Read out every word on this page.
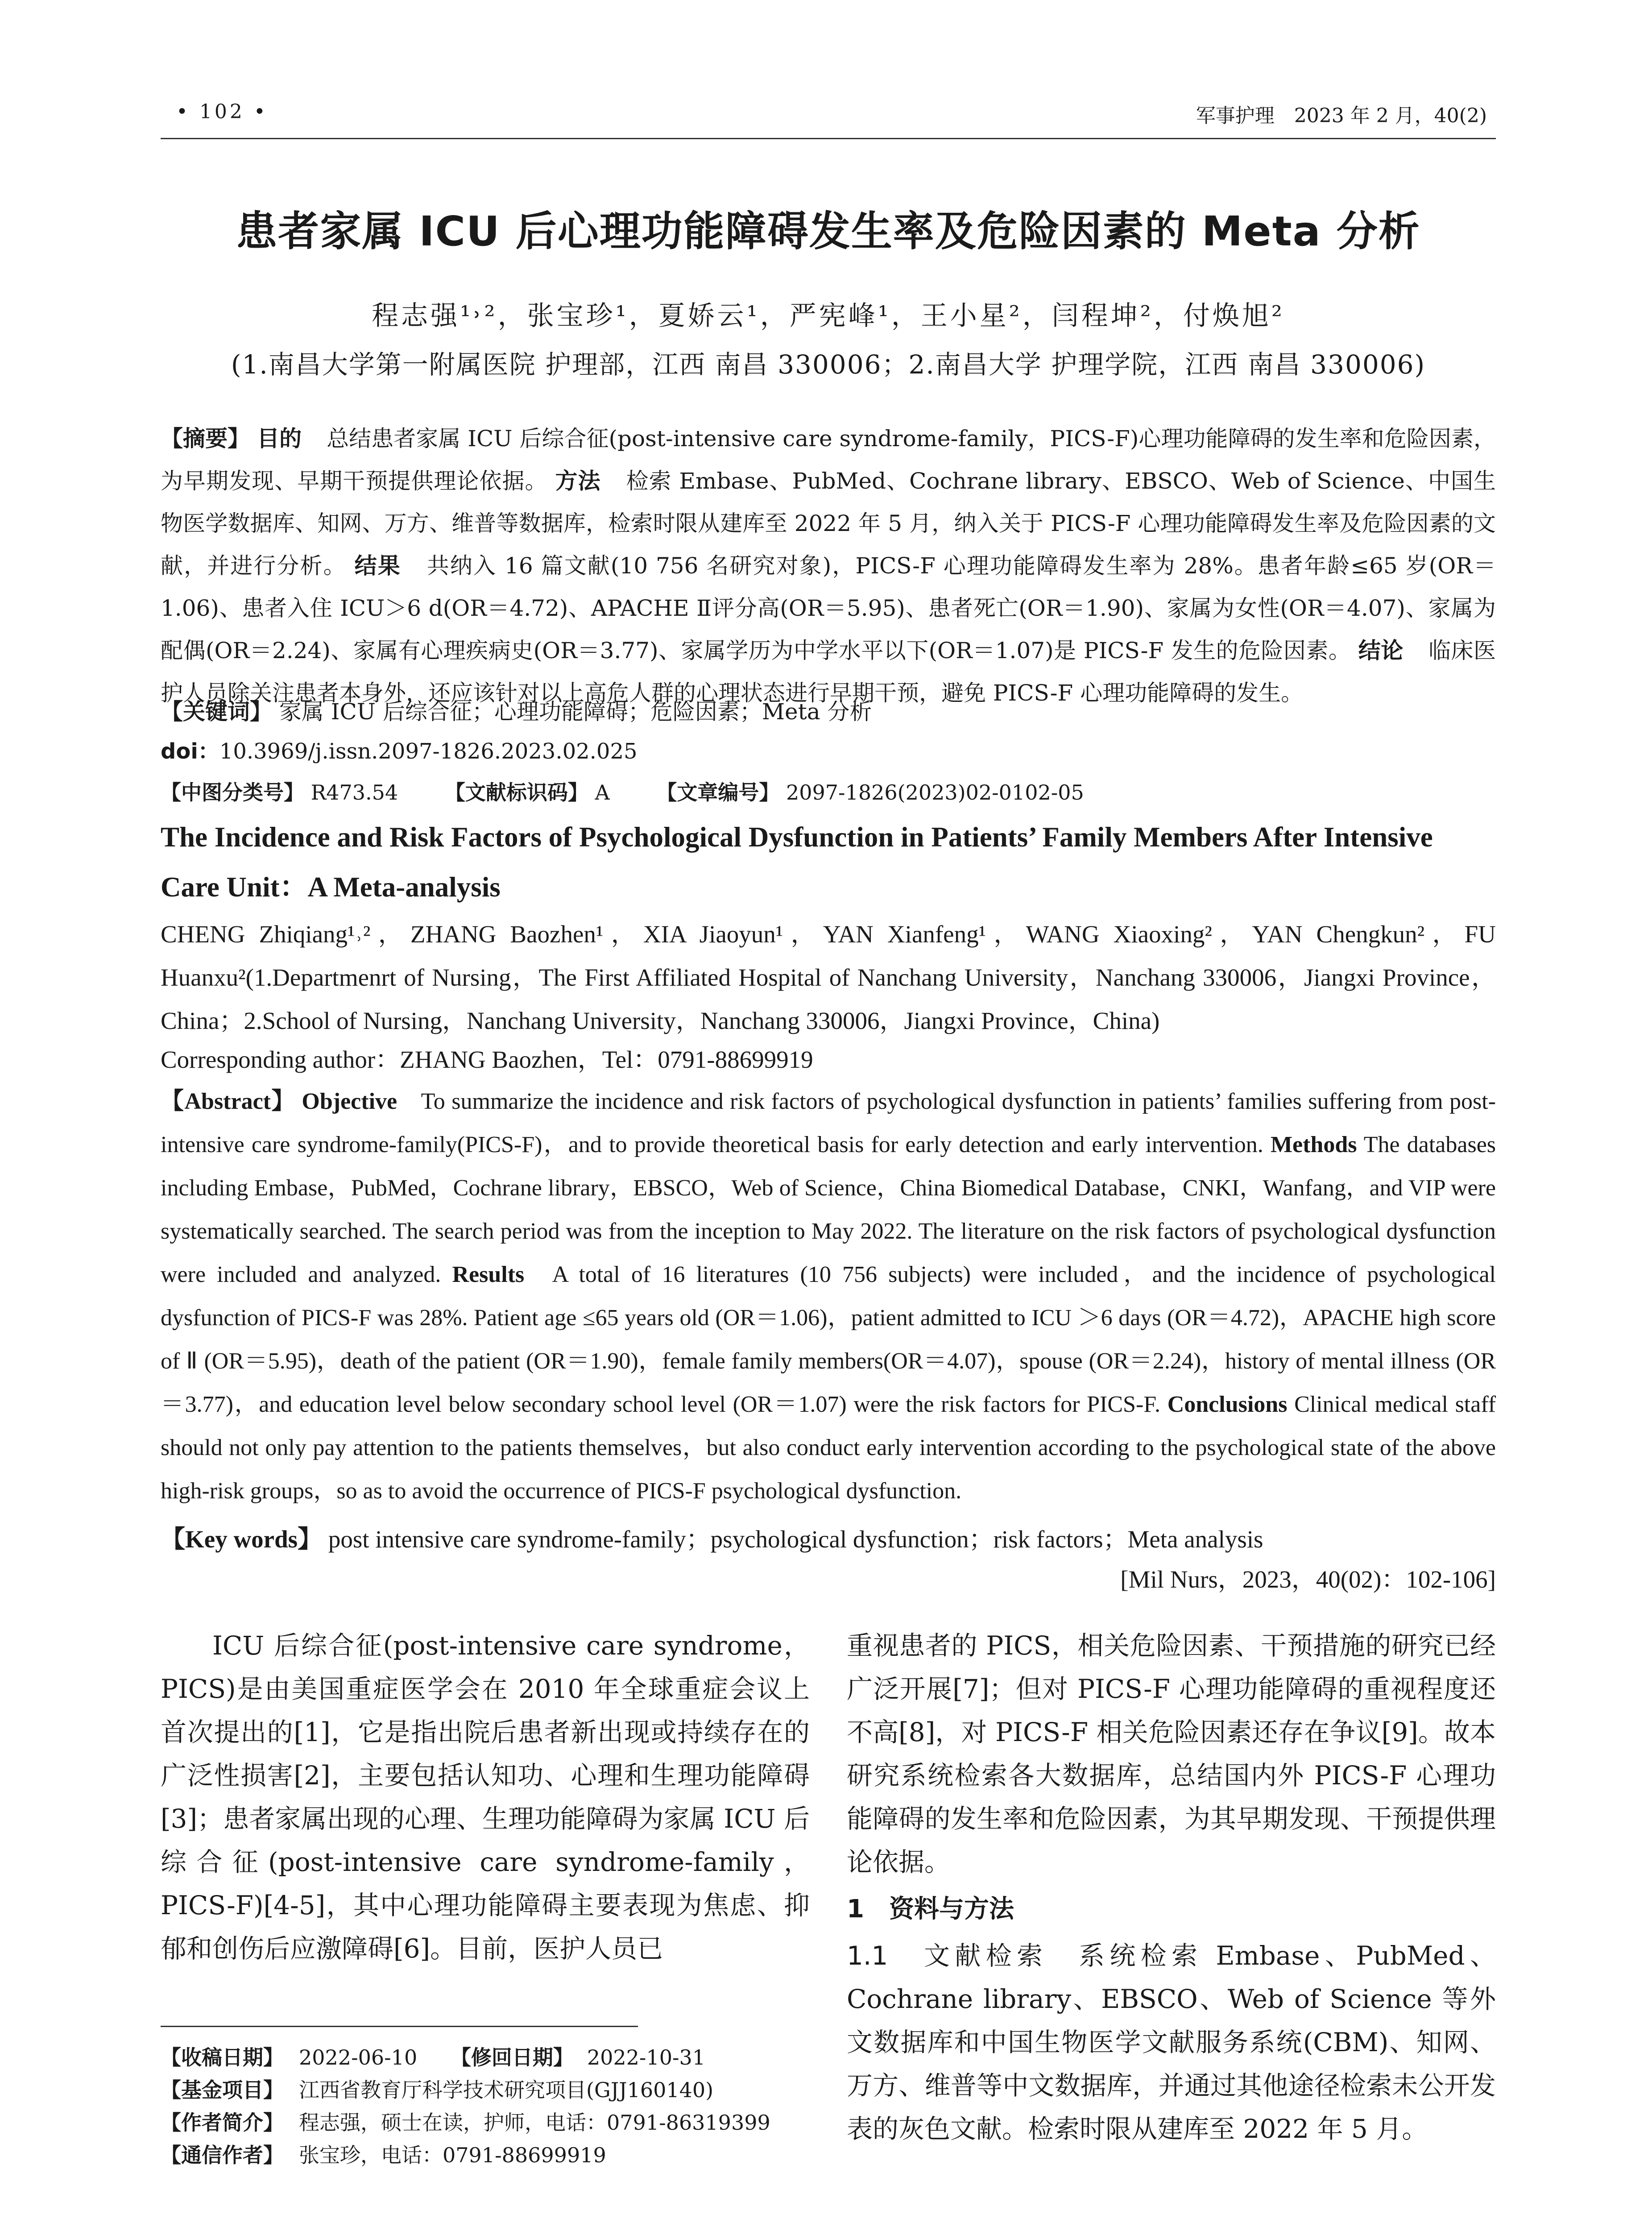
• 102 •	军事护理　2023 年 2 月，40(2)
患者家属 ICU 后心理功能障碍发生率及危险因素的 Meta 分析
程志强¹˒²，张宝珍¹，夏娇云¹，严宪峰¹，王小星²，闫程坤²，付焕旭²
(1.南昌大学第一附属医院 护理部，江西 南昌 330006；2.南昌大学 护理学院，江西 南昌 330006)
【摘要】 目的 总结患者家属 ICU 后综合征(post-intensive care syndrome-family，PICS-F)心理功能障碍的发生率和危险因素，为早期发现、早期干预提供理论依据。 方法 检索 Embase、PubMed、Cochrane library、EBSCO、Web of Science、中国生物医学数据库、知网、万方、维普等数据库，检索时限从建库至 2022 年 5 月，纳入关于 PICS-F 心理功能障碍发生率及危险因素的文献，并进行分析。 结果 共纳入 16 篇文献(10 756 名研究对象)，PICS-F 心理功能障碍发生率为 28%。患者年龄≤65 岁(OR＝1.06)、患者入住 ICU＞6 d(OR＝4.72)、APACHE Ⅱ评分高(OR＝5.95)、患者死亡(OR＝1.90)、家属为女性(OR＝4.07)、家属为配偶(OR＝2.24)、家属有心理疾病史(OR＝3.77)、家属学历为中学水平以下(OR＝1.07)是 PICS-F 发生的危险因素。 结论 临床医护人员除关注患者本身外，还应该针对以上高危人群的心理状态进行早期干预，避免 PICS-F 心理功能障碍的发生。
【关键词】 家属 ICU 后综合征；心理功能障碍；危险因素；Meta 分析
doi：10.3969/j.issn.2097-1826.2023.02.025
【中图分类号】 R473.54 【文献标识码】 A 【文章编号】 2097-1826(2023)02-0102-05
The Incidence and Risk Factors of Psychological Dysfunction in Patients’ Family Members After Intensive Care Unit：A Meta-analysis
CHENG Zhiqiang¹˒²，ZHANG Baozhen¹，XIA Jiaoyun¹，YAN Xianfeng¹，WANG Xiaoxing²，YAN Chengkun²，FU Huanxu²(1.Departmenrt of Nursing，The First Affiliated Hospital of Nanchang University，Nanchang 330006，Jiangxi Province，China；2.School of Nursing，Nanchang University，Nanchang 330006，Jiangxi Province，China)
Corresponding author：ZHANG Baozhen，Tel：0791-88699919
【Abstract】 Objective To summarize the incidence and risk factors of psychological dysfunction in patients’ families suffering from post-intensive care syndrome-family(PICS-F)，and to provide theoretical basis for early detection and early intervention. Methods The databases including Embase，PubMed，Cochrane library，EBSCO，Web of Science，China Biomedical Database，CNKI，Wanfang，and VIP were systematically searched. The search period was from the inception to May 2022. The literature on the risk factors of psychological dysfunction were included and analyzed. Results A total of 16 literatures (10 756 subjects) were included，and the incidence of psychological dysfunction of PICS-F was 28%. Patient age ≤65 years old (OR＝1.06)，patient admitted to ICU ＞6 days (OR＝4.72)，APACHE high score of Ⅱ (OR＝5.95)，death of the patient (OR＝1.90)，female family members(OR＝4.07)，spouse (OR＝2.24)，history of mental illness (OR＝3.77)，and education level below secondary school level (OR＝1.07) were the risk factors for PICS-F. Conclusions Clinical medical staff should not only pay attention to the patients themselves，but also conduct early intervention according to the psychological state of the above high-risk groups，so as to avoid the occurrence of PICS-F psychological dysfunction.
【Key words】 post intensive care syndrome-family；psychological dysfunction；risk factors；Meta analysis
[Mil Nurs，2023，40(02)：102-106]

ICU 后综合征(post-intensive care syndrome，PICS)是由美国重症医学会在 2010 年全球重症会议上首次提出的[1]，它是指出院后患者新出现或持续存在的广泛性损害[2]，主要包括认知功、心理和生理功能障碍[3]；患者家属出现的心理、生理功能障碍为家属 ICU 后综合征(post-intensive care syndrome-family，PICS-F)[4-5]，其中心理功能障碍主要表现为焦虑、抑郁和创伤后应激障碍[6]。目前，医护人员已

重视患者的 PICS，相关危险因素、干预措施的研究已经广泛开展[7]；但对 PICS-F 心理功能障碍的重视程度还不高[8]，对 PICS-F 相关危险因素还存在争议[9]。故本研究系统检索各大数据库，总结国内外 PICS-F 心理功能障碍的发生率和危险因素，为其早期发现、干预提供理论依据。

1　资料与方法

1.1　文献检索　 系统检索 Embase、PubMed、Cochrane library、EBSCO、Web of Science 等外文数据库和中国生物医学文献服务系统(CBM)、知网、万方、维普等中文数据库，并通过其他途径检索未公开发表的灰色文献。检索时限从建库至 2022 年 5 月。

【收稿日期】 2022-06-10 【修回日期】 2022-10-31
【基金项目】 江西省教育厅科学技术研究项目(GJJ160140)
【作者简介】 程志强，硕士在读，护师，电话：0791-86319399
【通信作者】 张宝珍，电话：0791-88699919
